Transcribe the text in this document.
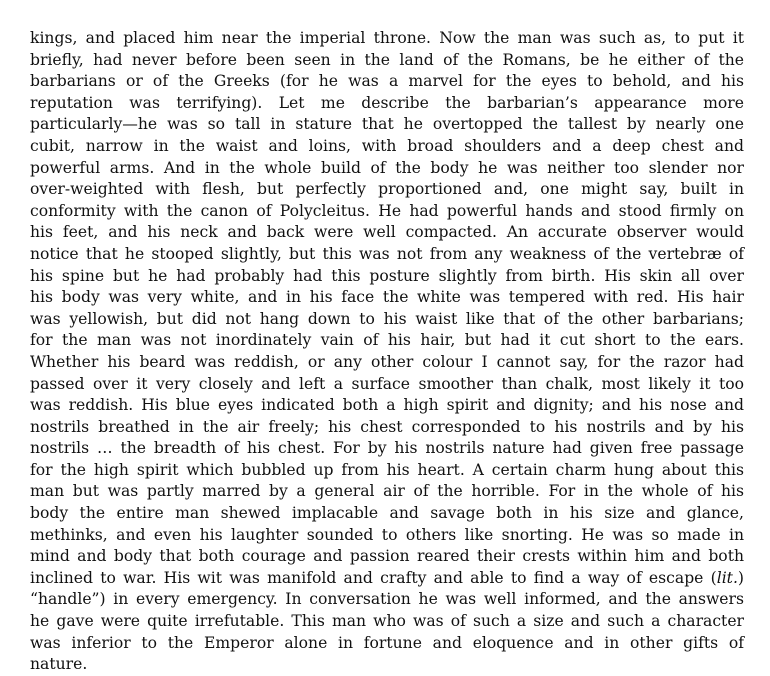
kings, and placed him near the imperial throne. Now the man was such as, to put it
briefly, had never before been seen in the land of the Romans, be he either of the
barbarians or of the Greeks (for he was a marvel for the eyes to behold, and his
reputation was terrifying). Let me describe the barbarian’s appearance more
particularly—he was so tall in stature that he overtopped the tallest by nearly one
cubit, narrow in the waist and loins, with broad shoulders and a deep chest and
powerful arms. And in the whole build of the body he was neither too slender nor
over-weighted with flesh, but perfectly proportioned and, one might say, built in
conformity with the canon of Polycleitus. He had powerful hands and stood firmly on
his feet, and his neck and back were well compacted. An accurate observer would
notice that he stooped slightly, but this was not from any weakness of the vertebræ of
his spine but he had probably had this posture slightly from birth. His skin all over
his body was very white, and in his face the white was tempered with red. His hair
was yellowish, but did not hang down to his waist like that of the other barbarians;
for the man was not inordinately vain of his hair, but had it cut short to the ears.
Whether his beard was reddish, or any other colour I cannot say, for the razor had
passed over it very closely and left a surface smoother than chalk, most likely it too
was reddish. His blue eyes indicated both a high spirit and dignity; and his nose and
nostrils breathed in the air freely; his chest corresponded to his nostrils and by his
nostrils … the breadth of his chest. For by his nostrils nature had given free passage
for the high spirit which bubbled up from his heart. A certain charm hung about this
man but was partly marred by a general air of the horrible. For in the whole of his
body the entire man shewed implacable and savage both in his size and glance,
methinks, and even his laughter sounded to others like snorting. He was so made in
mind and body that both courage and passion reared their crests within him and both
inclined to war. His wit was manifold and crafty and able to find a way of escape (lit.)
“handle”) in every emergency. In conversation he was well informed, and the answers
he gave were quite irrefutable. This man who was of such a size and such a character
was inferior to the Emperor alone in fortune and eloquence and in other gifts of
nature.
